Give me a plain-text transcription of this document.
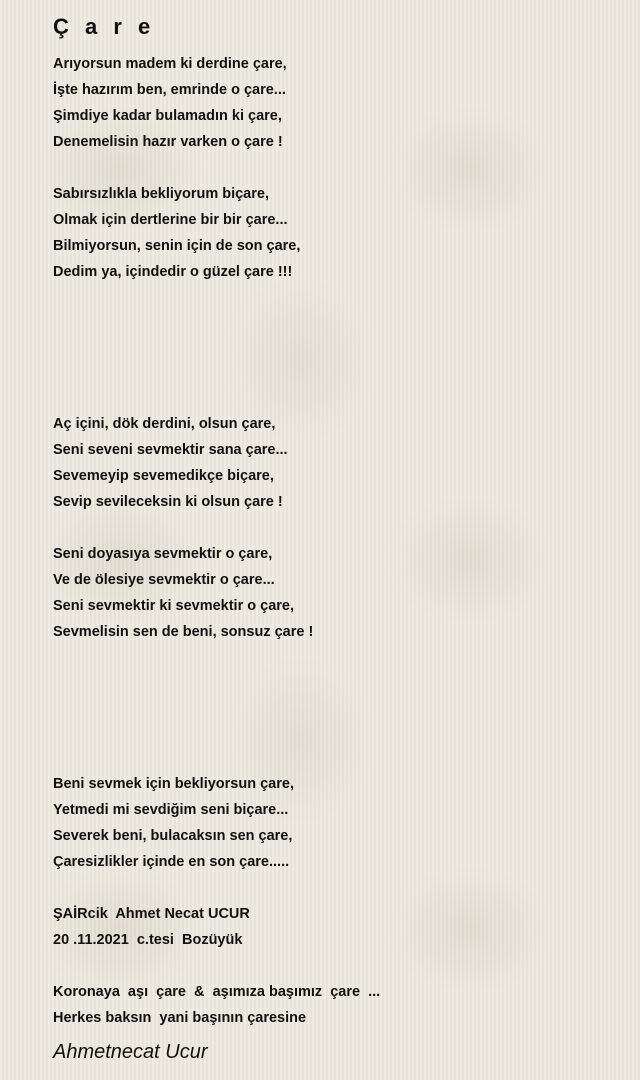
Ç a r e
Arıyorsun madem ki derdine çare,
İşte hazırım ben, emrinde o çare...
Şimdiye kadar bulamadın ki çare,
Denemelisin hazır varken o çare !
Sabırsızlıkla bekliyorum biçare,
Olmak için dertlerine bir bir çare...
Bilmiyorsun, senin için de son çare,
Dedim ya, içindedir o güzel çare !!!
Aç içini, dök derdini, olsun çare,
Seni seveni sevmektir sana çare...
Sevemeyip sevemedikçe biçare,
Sevip sevileceksin ki olsun çare !
Seni doyasıya sevmektir o çare,
Ve de ölesiye sevmektir o çare...
Seni sevmektir ki sevmektir o çare,
Sevmelisin sen de beni, sonsuz çare !
Beni sevmek için bekliyorsun çare,
Yetmedi mi sevdiğim seni biçare...
Severek beni, bulacaksın sen çare,
Çaresizlikler içinde en son çare.....
ŞAİRcik  Ahmet Necat UCUR
20 .11.2021  c.tesi  Bozüyük
Koronaya  aşı  çare  &  aşımıza başımız  çare  ...
Herkes baksın  yani başının çaresine

Ahmetnecat Ucur
